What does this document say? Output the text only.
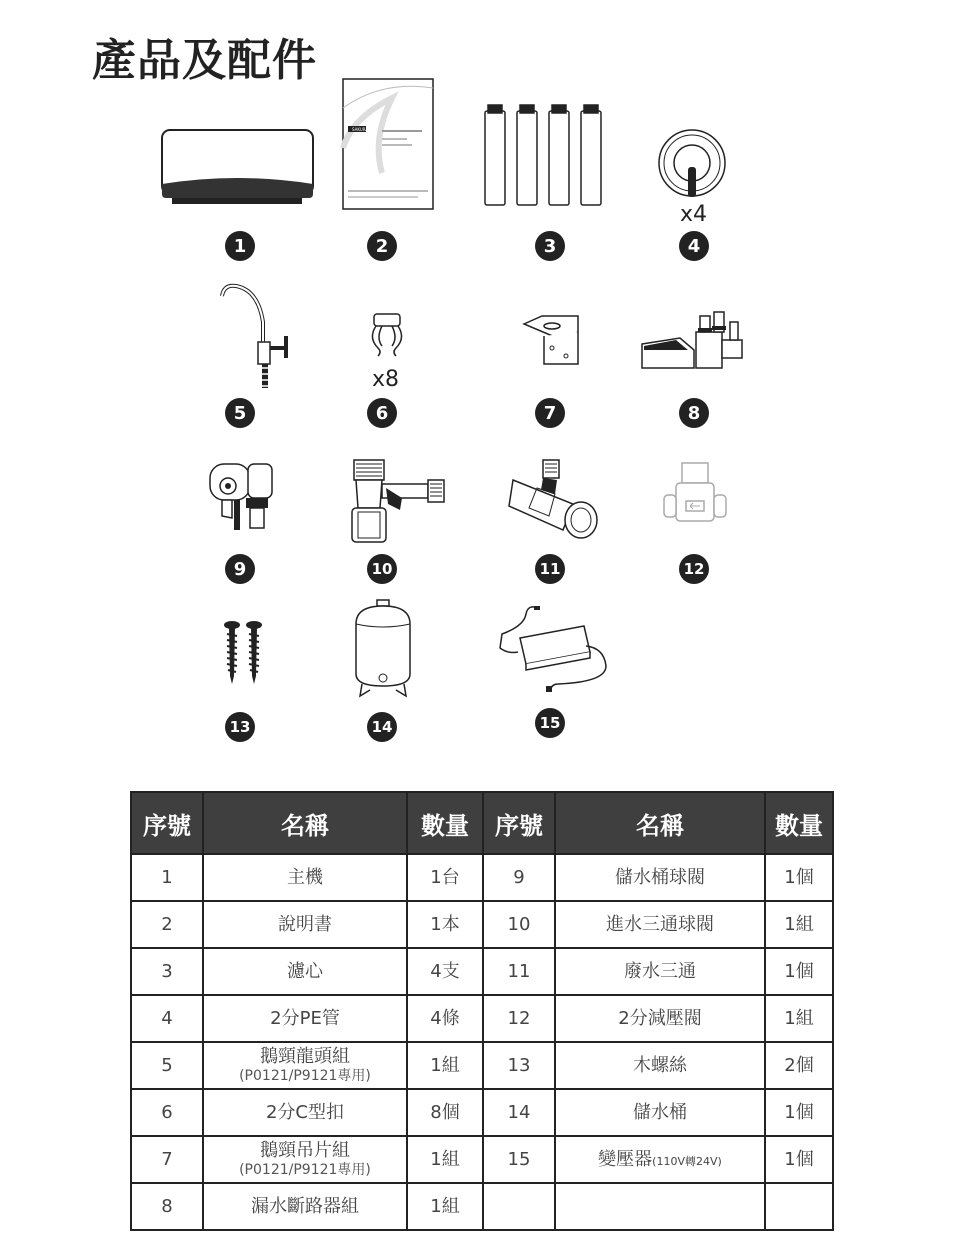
產品及配件
1
SAKURA
2	3
x4
4
5
x8
6	7	8
9	10	11	12
13	14	15
序號	名稱	數量	序號	名稱	數量
1	主機	1台	9	儲水桶球閥	1個
2	說明書	1本	10	進水三通球閥	1組
3	濾心	4支	11	廢水三通	1個
4	2分PE管	4條	12	2分減壓閥	1組
5	鵝頸龍頭組
(P0121/P9121專用)	1組	13	木螺絲	2個
6	2分C型扣	8個	14	儲水桶	1個
7	鵝頸吊片組
(P0121/P9121專用)	1組	15	變壓器(110V轉24V)	1個
8	漏水斷路器組	1組			
